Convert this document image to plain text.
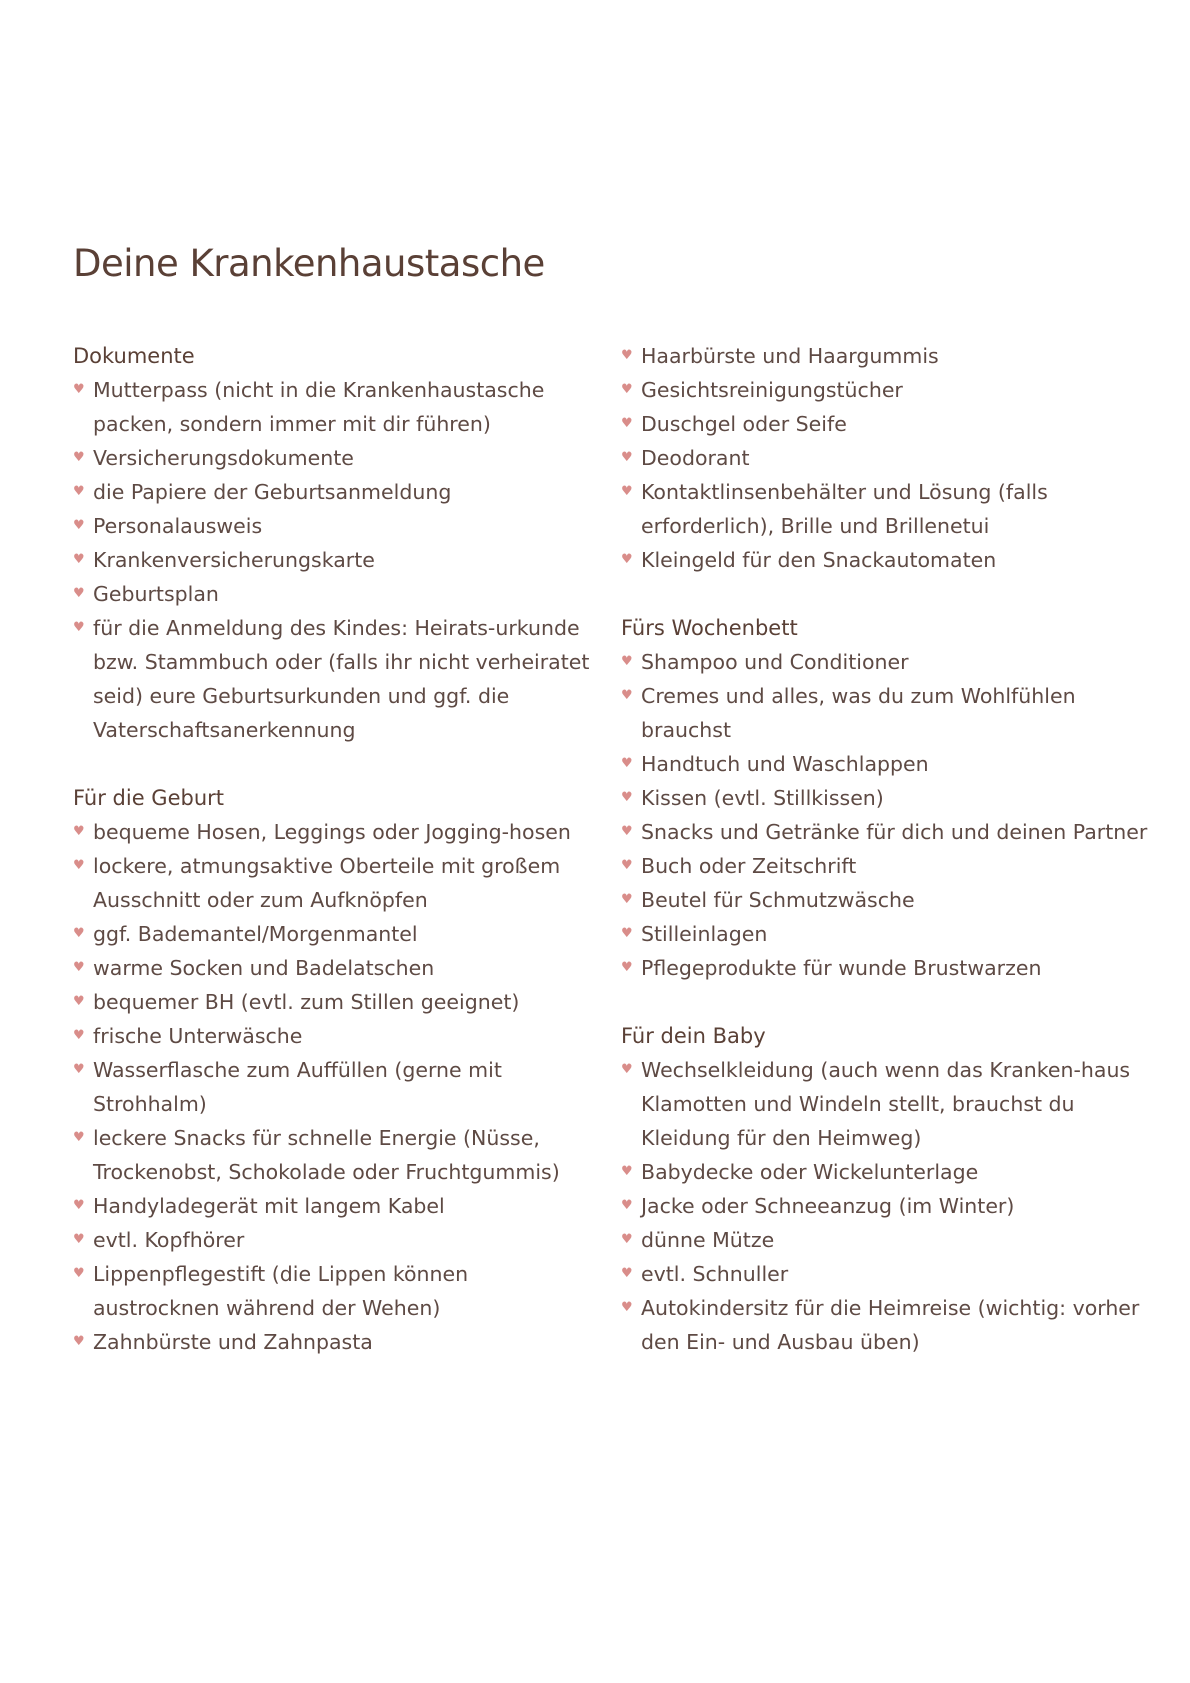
Deine Krankenhaustasche
Dokumente
♥ Mutterpass (nicht in die Krankenhaustasche packen, sondern immer mit dir führen)
♥ Versicherungsdokumente
♥ die Papiere der Geburtsanmeldung
♥ Personalausweis
♥ Krankenversicherungskarte
♥ Geburtsplan
♥ für die Anmeldung des Kindes: Heirats-urkunde bzw. Stammbuch oder (falls ihr nicht verheiratet seid) eure Geburtsurkunden und ggf. die Vaterschaftsanerkennung
Für die Geburt
♥ bequeme Hosen, Leggings oder Jogging-hosen
♥ lockere, atmungsaktive Oberteile mit großem Ausschnitt oder zum Aufknöpfen
♥ ggf. Bademantel/Morgenmantel
♥ warme Socken und Badelatschen
♥ bequemer BH (evtl. zum Stillen geeignet)
♥ frische Unterwäsche
♥ Wasserflasche zum Auffüllen (gerne mit Strohhalm)
♥ leckere Snacks für schnelle Energie (Nüsse, Trockenobst, Schokolade oder Fruchtgummis)
♥ Handyladegerät mit langem Kabel
♥ evtl. Kopfhörer
♥ Lippenpflegestift (die Lippen können austrocknen während der Wehen)
♥ Zahnbürste und Zahnpasta
♥ Haarbürste und Haargummis
♥ Gesichtsreinigungstücher
♥ Duschgel oder Seife
♥ Deodorant
♥ Kontaktlinsenbehälter und Lösung (falls erforderlich), Brille und Brillenetui
♥ Kleingeld für den Snackautomaten
Fürs Wochenbett
♥ Shampoo und Conditioner
♥ Cremes und alles, was du zum Wohlfühlen brauchst
♥ Handtuch und Waschlappen
♥ Kissen (evtl. Stillkissen)
♥ Snacks und Getränke für dich und deinen Partner
♥ Buch oder Zeitschrift
♥ Beutel für Schmutzwäsche
♥ Stilleinlagen
♥ Pflegeprodukte für wunde Brustwarzen
Für dein Baby
♥ Wechselkleidung (auch wenn das Kranken-haus Klamotten und Windeln stellt, brauchst du Kleidung für den Heimweg)
♥ Babydecke oder Wickelunterlage
♥ Jacke oder Schneeanzug (im Winter)
♥ dünne Mütze
♥ evtl. Schnuller
♥ Autokindersitz für die Heimreise (wichtig: vorher den Ein- und Ausbau üben)
